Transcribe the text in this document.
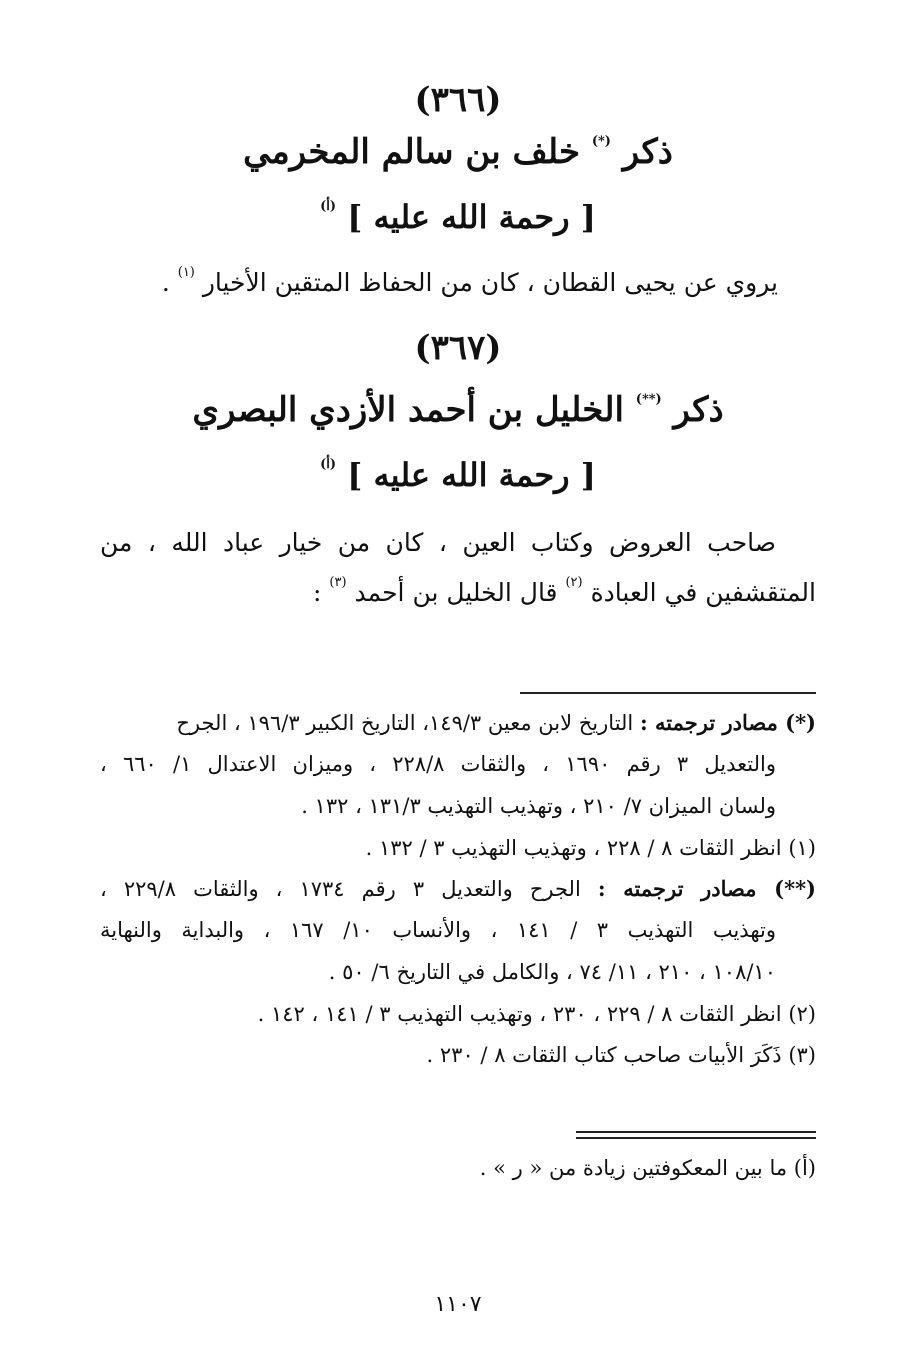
(٣٦٦)
ذكر (*) خلف بن سالم المخرمي
[ رحمة الله عليه ] $^{(أ)}$
يروي عن يحيى القطان ، كان من الحفاظ المتقين الأخيار $^{(١)}$ .
(٣٦٧)
ذكر (**) الخليل بن أحمد الأزدي البصري
[ رحمة الله عليه ] $^{(أ)}$
صاحب العروض وكتاب العين ، كان من خيار عباد الله ، من
المتقشفين في العبادة $^{(٢)}$ قال الخليل بن أحمد $^{(٣)}$ :
(*) مصادر ترجمته : التاريخ لابن معين ١٤٩/٣، التاريخ الكبير ١٩٦/٣ ، الجرح
والتعديل ٣ رقم ١٦٩٠ ، والثقات ٢٢٨/٨ ، وميزان الاعتدال ١/ ٦٦٠ ،
ولسان الميزان ٧/ ٢١٠ ، وتهذيب التهذيب ١٣١/٣ ، ١٣٢ .
(١) انظر الثقات ٨ / ٢٢٨ ، وتهذيب التهذيب ٣ / ١٣٢ .
(**) مصادر ترجمته : الجرح والتعديل ٣ رقم ١٧٣٤ ، والثقات ٢٢٩/٨ ،
وتهذيب التهذيب ٣ / ١٤١ ، والأنساب ١٠/ ١٦٧ ، والبداية والنهاية
١٠٨/١٠ ، ٢١٠ ، ١١/ ٧٤ ، والكامل في التاريخ ٦/ ٥٠ .
(٢) انظر الثقات ٨ / ٢٢٩ ، ٢٣٠ ، وتهذيب التهذيب ٣ / ١٤١ ، ١٤٢ .
(٣) ذَكَرَ الأبيات صاحب كتاب الثقات ٨ / ٢٣٠ .
(أ) ما بين المعكوفتين زيادة من « ر » .
١١٠٧
